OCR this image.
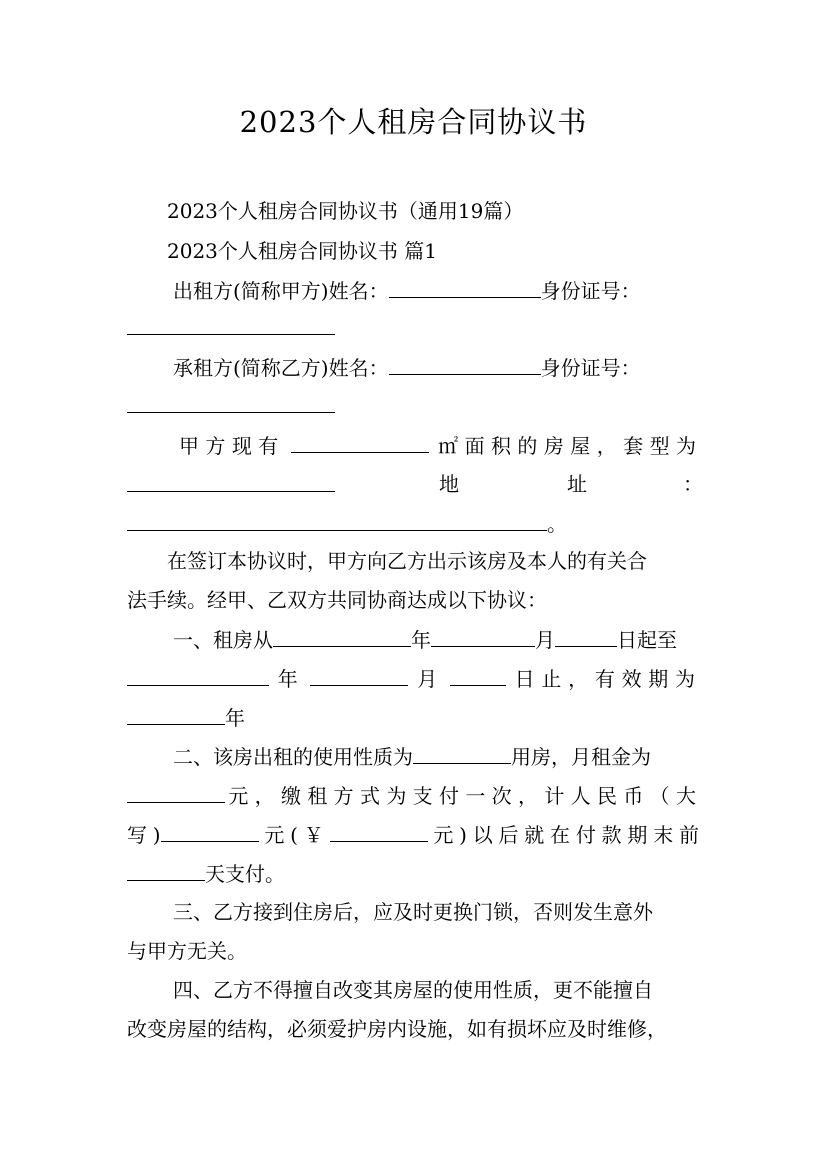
2023个人租房合同协议书
2023个人租房合同协议书（通用19篇）
2023个人租房合同协议书 篇1
出租方(简称甲方)姓名：	身份证号：
承租方(简称乙方)姓名：	身份证号：
甲方现有	㎡面积的房屋，套型为
地	址	：
。
在签订本协议时，甲方向乙方出示该房及本人的有关合
法手续。经甲、乙双方共同协商达成以下协议：
一、租房从	年	月	日起至
年	月	日止，有效期为
年
二、该房出租的使用性质为	用房，月租金为
元，缴租方式为支付一次，计人民币（大
写)	元(￥	元)以后就在付款期末前
天支付。
三、乙方接到住房后，应及时更换门锁，否则发生意外
与甲方无关。
四、乙方不得擅自改变其房屋的使用性质，更不能擅自
改变房屋的结构，必须爱护房内设施，如有损坏应及时维修，
